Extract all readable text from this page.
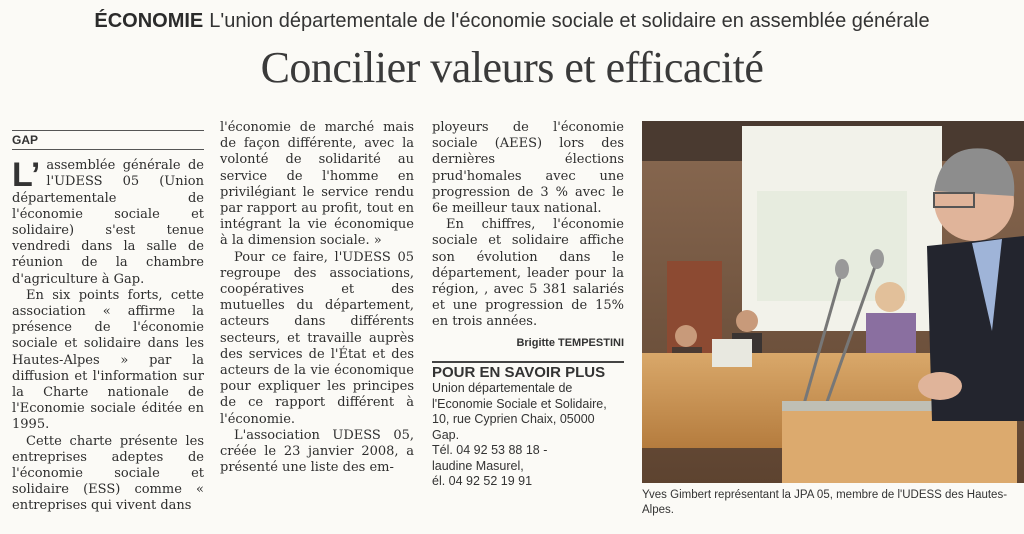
ÉCONOMIE L'union départementale de l'économie sociale et solidaire en assemblée générale
Concilier valeurs et efficacité
GAP

L’ assemblée générale de l'UDESS 05 (Union départementale de l'économie sociale et solidaire) s'est tenue vendredi dans la salle de réunion de la chambre d'agriculture à Gap.

En six points forts, cette association « affirme la présence de l'économie sociale et solidaire dans les Hautes-Alpes » par la diffusion et l'information sur la Charte nationale de l'Economie sociale éditée en 1995.

Cette charte présente les entreprises adeptes de l'économie sociale et solidaire (ESS) comme « entreprises qui vivent dans

l'économie de marché mais de façon différente, avec la volonté de solidarité au service de l'homme en privilégiant le service rendu par rapport au profit, tout en intégrant la vie économique à la dimension sociale. »

Pour ce faire, l'UDESS 05 regroupe des associations, coopératives et des mutuelles du département, acteurs dans différents secteurs, et travaille auprès des services de l'État et des acteurs de la vie économique pour expliquer les principes de ce rapport différent à l'économie.

L'association UDESS 05, créée le 23 janvier 2008, a présenté une liste des em-

ployeurs de l'économie sociale (AEES) lors des dernières élections prud'homales avec une progression de 3 % avec le 6e meilleur taux national.

En chiffres, l'économie sociale et solidaire affiche son évolution dans le département, leader pour la région, , avec 5 381 salariés et une progression de 15% en trois années.

Brigitte TEMPESTINI
POUR EN SAVOIR PLUS
Union départementale de
l'Economie Sociale et Solidaire,
10, rue Cyprien Chaix, 05000
Gap.
Tél. 04 92 53 88 18 -
laudine Masurel,
él. 04 92 52 19 91
Yves Gimbert représentant la JPA 05, membre de l'UDESS des Hautes-Alpes.
